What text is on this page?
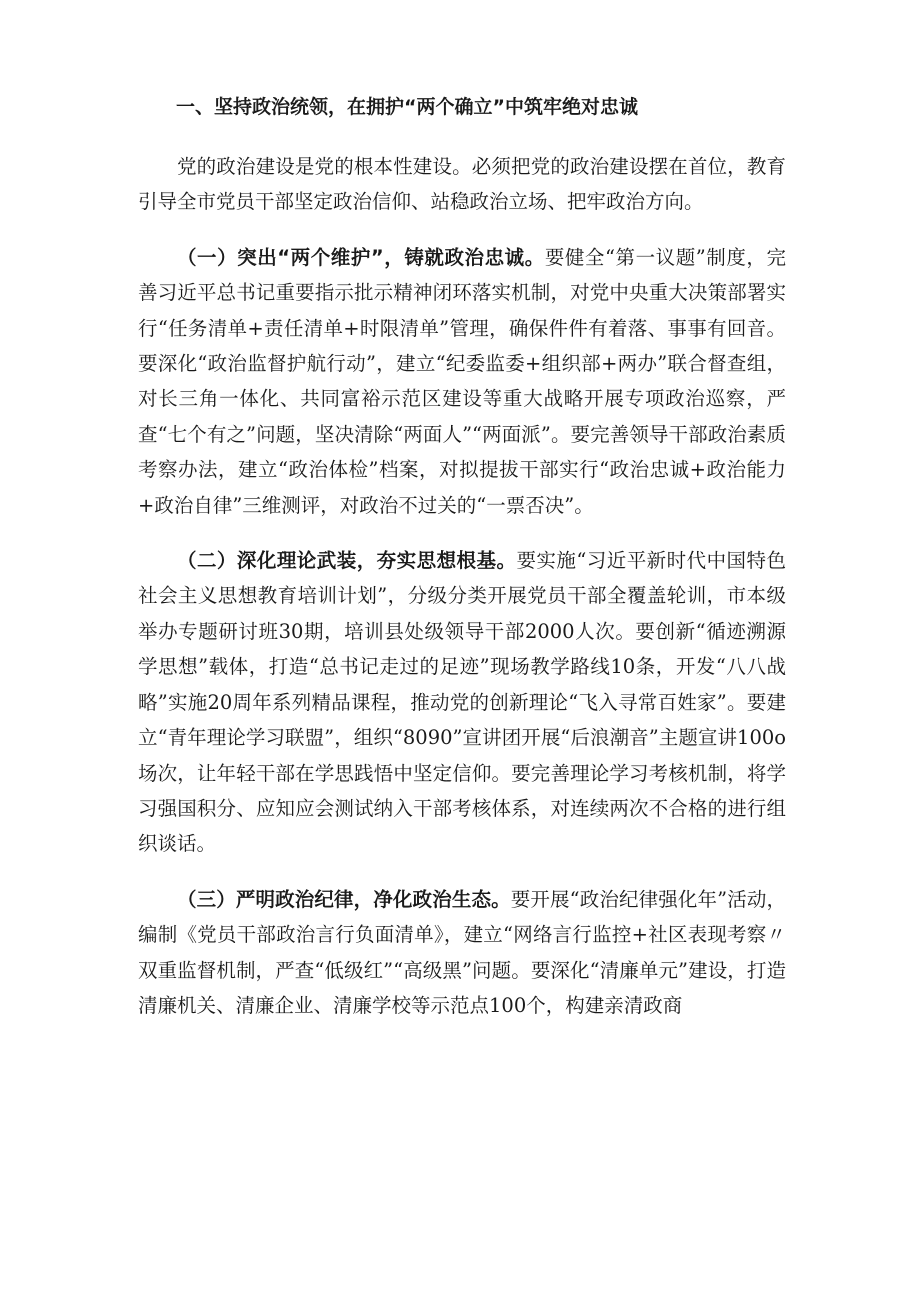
一、坚持政治统领，在拥护“两个确立”中筑牢绝对忠诚

党的政治建设是党的根本性建设。必须把党的政治建设摆在首位，教育引导全市党员干部坚定政治信仰、站稳政治立场、把牢政治方向。

（一）突出“两个维护”，铸就政治忠诚。要健全“第一议题”制度，完善习近平总书记重要指示批示精神闭环落实机制，对党中央重大决策部署实行“任务清单+责任清单+时限清单”管理，确保件件有着落、事事有回音。要深化“政治监督护航行动”，建立“纪委监委+组织部+两办”联合督查组，对长三角一体化、共同富裕示范区建设等重大战略开展专项政治巡察，严查“七个有之”问题，坚决清除“两面人”“两面派”。要完善领导干部政治素质考察办法，建立“政治体检”档案，对拟提拔干部实行“政治忠诚+政治能力+政治自律”三维测评，对政治不过关的“一票否决”。

（二）深化理论武装，夯实思想根基。要实施“习近平新时代中国特色社会主义思想教育培训计划”，分级分类开展党员干部全覆盖轮训，市本级举办专题研讨班30期，培训县处级领导干部2000人次。要创新“循迹溯源学思想”载体，打造“总书记走过的足迹”现场教学路线10条，开发“八八战略”实施20周年系列精品课程，推动党的创新理论“飞入寻常百姓家”。要建立“青年理论学习联盟”，组织“8090”宣讲团开展“后浪潮音”主题宣讲100o场次，让年轻干部在学思践悟中坚定信仰。要完善理论学习考核机制，将学习强国积分、应知应会测试纳入干部考核体系，对连续两次不合格的进行组织谈话。

（三）严明政治纪律，净化政治生态。要开展“政治纪律强化年”活动，编制《党员干部政治言行负面清单》，建立“网络言行监控+社区表现考察〃双重监督机制，严查“低级红”“高级黑”问题。要深化“清廉单元”建设，打造清廉机关、清廉企业、清廉学校等示范点100个，构建亲清政商
